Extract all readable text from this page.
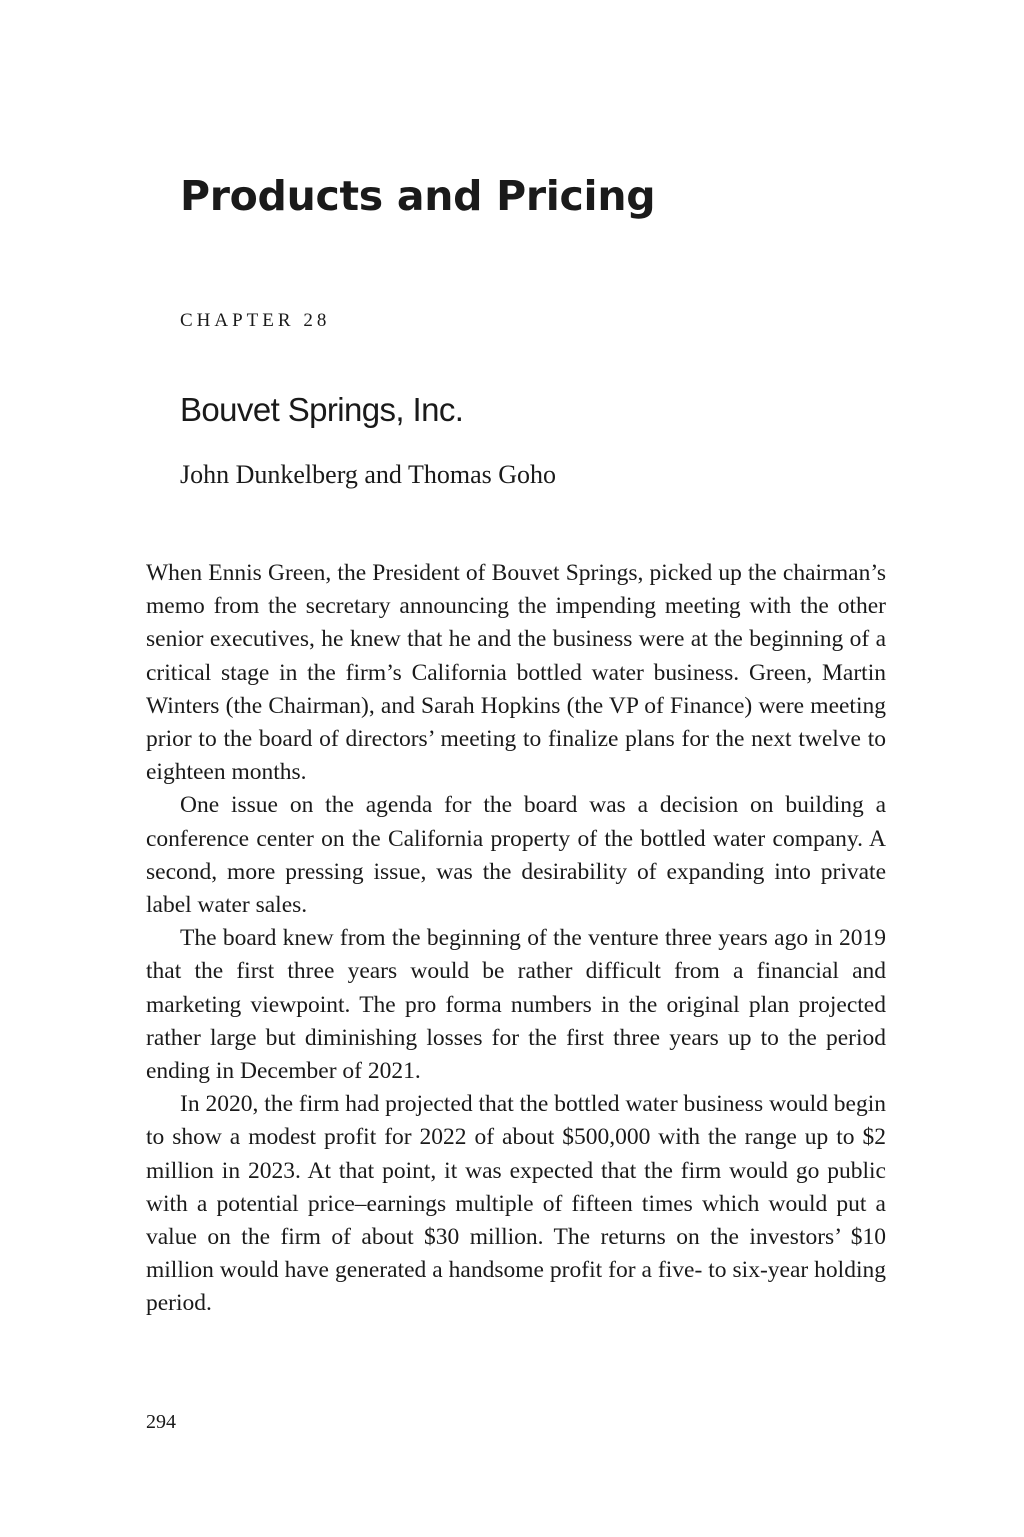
Products and Pricing
CHAPTER 28
Bouvet Springs, Inc.
John Dunkelberg and Thomas Goho

When Ennis Green, the President of Bouvet Springs, picked up the chairman’s memo from the secretary announcing the impending meeting with the other senior executives, he knew that he and the business were at the beginning of a critical stage in the firm’s California bottled water business. Green, Martin Winters (the Chairman), and Sarah Hopkins (the VP of Finance) were meeting prior to the board of directors’ meeting to finalize plans for the next twelve to eighteen months.

One issue on the agenda for the board was a decision on building a conference center on the California property of the bottled water company. A second, more pressing issue, was the desirability of expanding into private label water sales.

The board knew from the beginning of the venture three years ago in 2019 that the first three years would be rather difficult from a financial and marketing viewpoint. The pro forma numbers in the original plan projected rather large but diminishing losses for the first three years up to the period ending in December of 2021.

In 2020, the firm had projected that the bottled water business would begin to show a modest profit for 2022 of about $500,000 with the range up to $2 million in 2023. At that point, it was expected that the firm would go public with a potential price–earnings multiple of fifteen times which would put a value on the firm of about $30 million. The returns on the investors’ $10 million would have generated a handsome profit for a five- to six-year holding period.

294
